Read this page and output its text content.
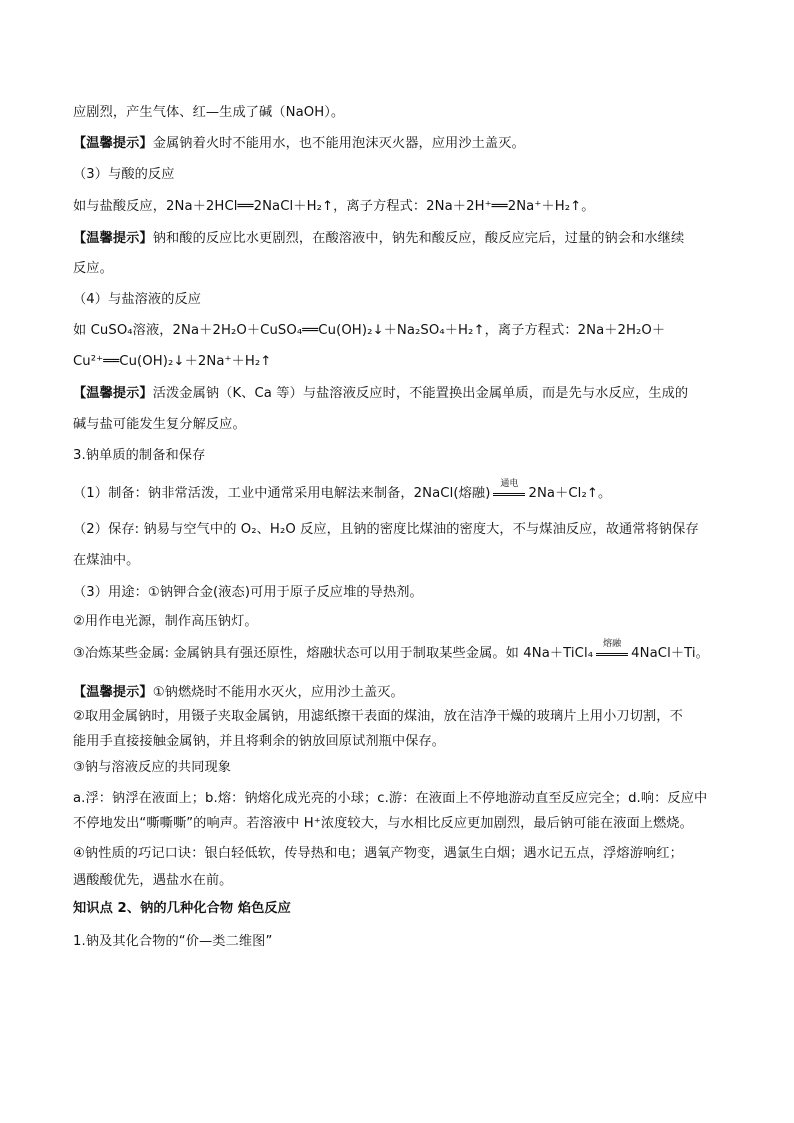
应剧烈，产生气体、红—生成了碱（NaOH）。
【温馨提示】金属钠着火时不能用水，也不能用泡沫灭火器，应用沙土盖灭。
（3）与酸的反应
如与盐酸反应，2Na＋2HCl══2NaCl＋H₂↑，离子方程式：2Na＋2H⁺══2Na⁺＋H₂↑。
【温馨提示】钠和酸的反应比水更剧烈，在酸溶液中，钠先和酸反应，酸反应完后，过量的钠会和水继续
反应。
（4）与盐溶液的反应
如 CuSO₄溶液，2Na＋2H₂O＋CuSO₄══Cu(OH)₂↓＋Na₂SO₄＋H₂↑，离子方程式：2Na＋2H₂O＋
Cu²⁺══Cu(OH)₂↓＋2Na⁺＋H₂↑
【温馨提示】活泼金属钠（K、Ca 等）与盐溶液反应时，不能置换出金属单质，而是先与水反应，生成的
碱与盐可能发生复分解反应。
3.钠单质的制备和保存
（1）制备：钠非常活泼，工业中通常采用电解法来制备，2NaCl(熔融)
通电
2Na＋Cl₂↑。
（2）保存: 钠易与空气中的 O₂、H₂O 反应，且钠的密度比煤油的密度大，不与煤油反应，故通常将钠保存
在煤油中。
（3）用途：①钠钾合金(液态)可用于原子反应堆的导热剂。
②用作电光源，制作高压钠灯。
③冶炼某些金属: 金属钠具有强还原性，熔融状态可以用于制取某些金属。如 4Na＋TiCl₄
熔融
4NaCl＋Ti。
【温馨提示】①钠燃烧时不能用水灭火，应用沙土盖灭。
②取用金属钠时，用镊子夹取金属钠，用滤纸擦干表面的煤油，放在洁净干燥的玻璃片上用小刀切割，不
能用手直接接触金属钠，并且将剩余的钠放回原试剂瓶中保存。
③钠与溶液反应的共同现象
a.浮：钠浮在液面上；b.熔：钠熔化成光亮的小球；c.游：在液面上不停地游动直至反应完全；d.响：反应中
不停地发出“嘶嘶嘶”的响声。若溶液中 H⁺浓度较大，与水相比反应更加剧烈，最后钠可能在液面上燃烧。
④钠性质的巧记口诀：银白轻低软，传导热和电；遇氧产物变，遇氯生白烟；遇水记五点，浮熔游响红；
遇酸酸优先，遇盐水在前。
知识点 2、钠的几种化合物 焰色反应
1.钠及其化合物的“价—类二维图”
